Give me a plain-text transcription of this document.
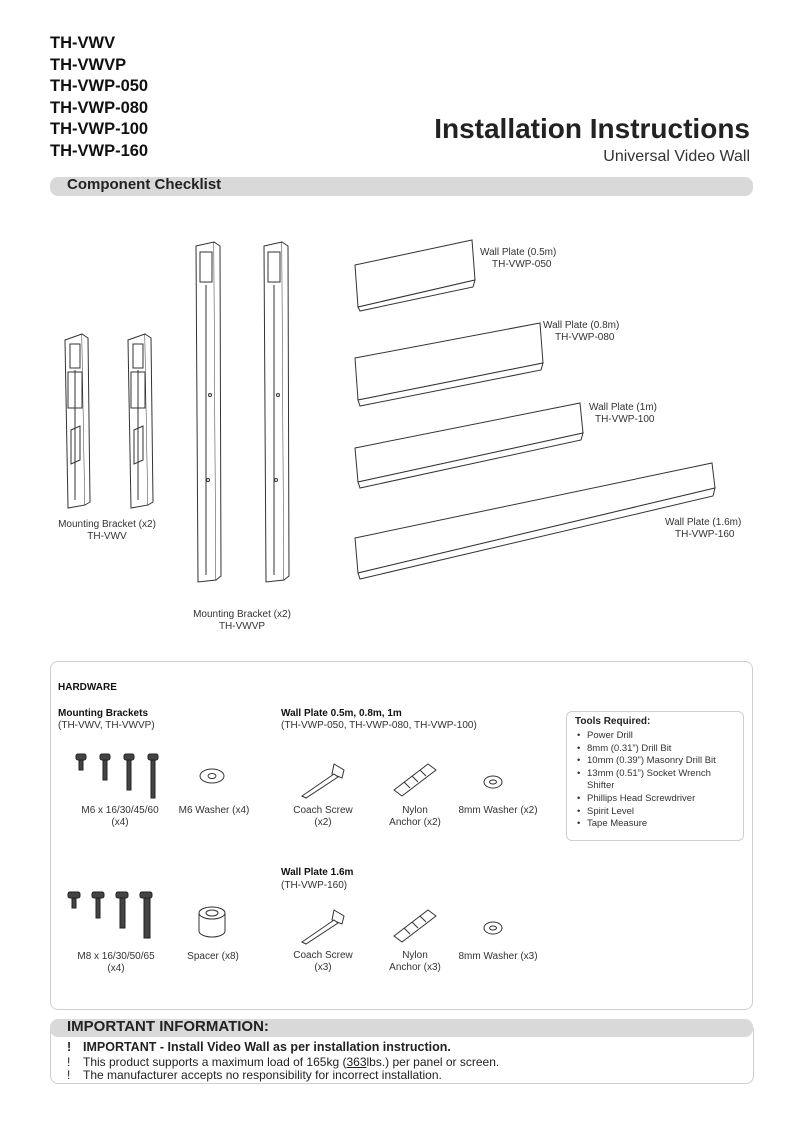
TH-VWV
TH-VWVP
TH-VWP-050
TH-VWP-080
TH-VWP-100
TH-VWP-160
Installation Instructions
Universal Video Wall
Component Checklist
Mounting Bracket (x2)
TH-VWV
Mounting Bracket (x2)
TH-VWVP
Wall Plate (0.5m)
TH-VWP-050
Wall Plate (0.8m)
TH-VWP-080
Wall Plate (1m)
TH-VWP-100
Wall Plate (1.6m)
TH-VWP-160
HARDWARE
Mounting Brackets
(TH-VWV, TH-VWVP)
Wall Plate 0.5m, 0.8m, 1m
(TH-VWP-050, TH-VWP-080, TH-VWP-100)
Wall Plate 1.6m
(TH-VWP-160)
M6 x 16/30/45/60
(x4)
M6 Washer (x4)	Coach Screw
(x2)
Nylon
Anchor (x2)
8mm Washer (x2)
Tools Required:
• Power Drill
• 8mm (0.31”) Drill Bit
• 10mm (0.39”) Masonry Drill Bit
• 13mm (0.51”) Socket Wrench
Shifter
• Phillips Head Screwdriver
• Spirit Level
• Tape Measure
M8 x 16/30/50/65
(x4)
Spacer (x8)	Coach Screw
(x3)
Nylon
Anchor (x3)
8mm Washer (x3)
IMPORTANT INFORMATION:
! IMPORTANT - Install Video Wall as per installation instruction.
! This product supports a maximum load of 165kg (363lbs.) per panel or screen.
! The manufacturer accepts no responsibility for incorrect installation.
